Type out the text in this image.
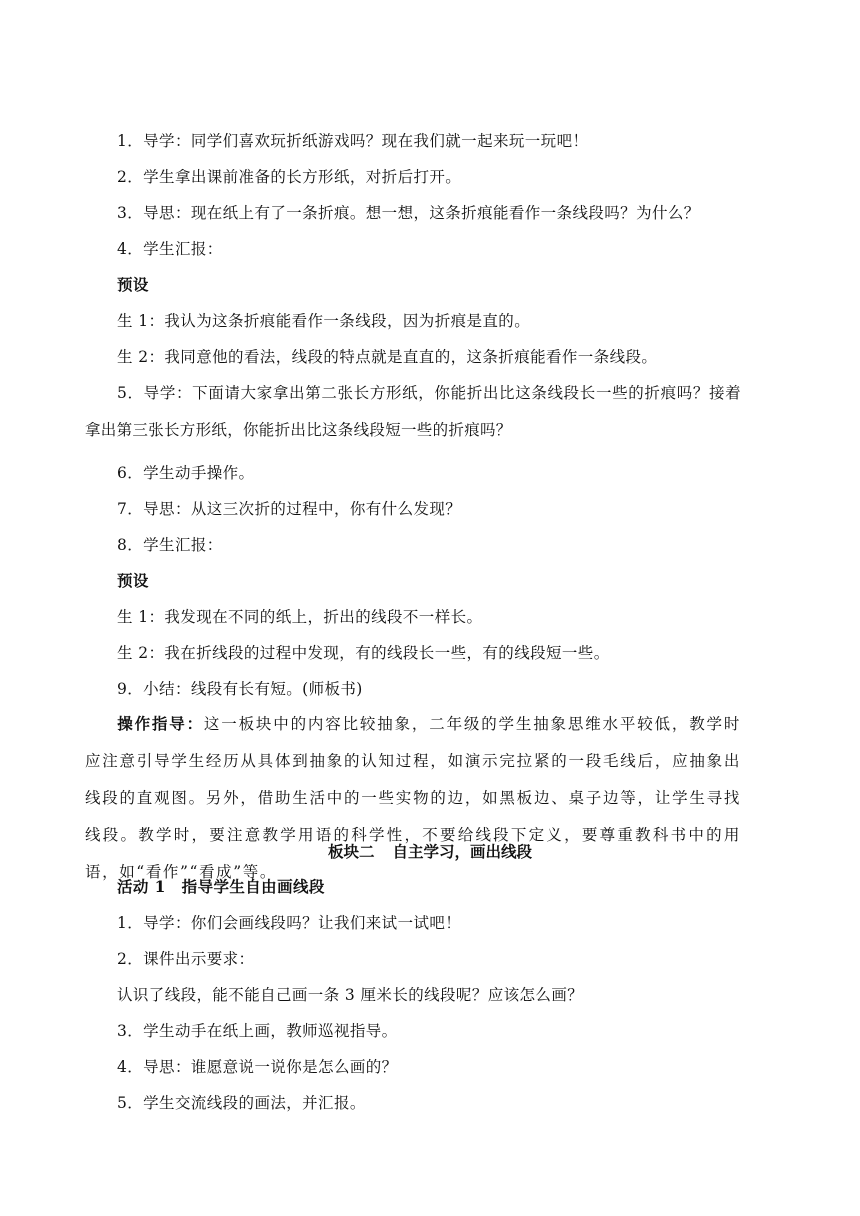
1．导学：同学们喜欢玩折纸游戏吗？现在我们就一起来玩一玩吧！
2．学生拿出课前准备的长方形纸，对折后打开。
3．导思：现在纸上有了一条折痕。想一想，这条折痕能看作一条线段吗？为什么？
4．学生汇报：
预设
生 1：我认为这条折痕能看作一条线段，因为折痕是直的。
生 2：我同意他的看法，线段的特点就是直直的，这条折痕能看作一条线段。
5．导学：下面请大家拿出第二张长方形纸，你能折出比这条线段长一些的折痕吗？接着拿出第三张长方形纸，你能折出比这条线段短一些的折痕吗？
6．学生动手操作。
7．导思：从这三次折的过程中，你有什么发现？
8．学生汇报：
预设
生 1：我发现在不同的纸上，折出的线段不一样长。
生 2：我在折线段的过程中发现，有的线段长一些，有的线段短一些。
9．小结：线段有长有短。(师板书)
操作指导：这一板块中的内容比较抽象，二年级的学生抽象思维水平较低，教学时应注意引导学生经历从具体到抽象的认知过程，如演示完拉紧的一段毛线后，应抽象出线段的直观图。另外，借助生活中的一些实物的边，如黑板边、桌子边等，让学生寻找线段。教学时，要注意教学用语的科学性，不要给线段下定义，要尊重教科书中的用语，如“看作”“看成”等。
板块二 自主学习，画出线段
活动 1　指导学生自由画线段
1．导学：你们会画线段吗？让我们来试一试吧！
2．课件出示要求：
认识了线段，能不能自己画一条 3 厘米长的线段呢？应该怎么画？
3．学生动手在纸上画，教师巡视指导。
4．导思：谁愿意说一说你是怎么画的？
5．学生交流线段的画法，并汇报。
